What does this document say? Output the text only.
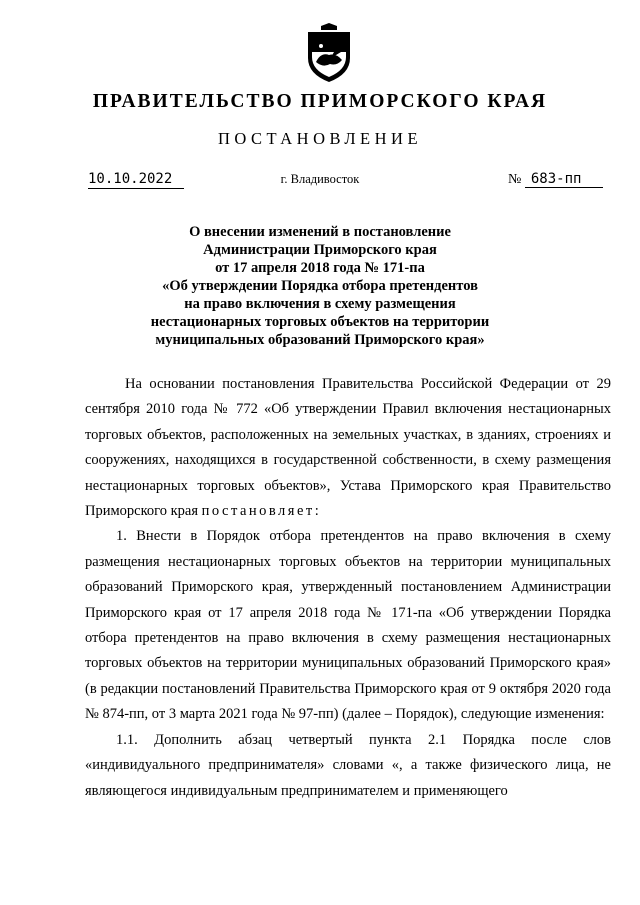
ПРАВИТЕЛЬСТВО ПРИМОРСКОГО КРАЯ
ПОСТАНОВЛЕНИЕ
10.10.2022	г. Владивосток	№ 683-пп
О внесении изменений в постановление
Администрации Приморского края
от 17 апреля 2018 года № 171-па
«Об утверждении Порядка отбора претендентов
на право включения в схему размещения
нестационарных торговых объектов на территории
муниципальных образований Приморского края»

На основании постановления Правительства Российской Федерации от 29 сентября 2010 года № 772 «Об утверждении Правил включения нестационарных торговых объектов, расположенных на земельных участках, в зданиях, строениях и сооружениях, находящихся в государственной собственности, в схему размещения нестационарных торговых объектов», Устава Приморского края Правительство Приморского края постановляет:

1. Внести в Порядок отбора претендентов на право включения в схему размещения нестационарных торговых объектов на территории муниципальных образований Приморского края, утвержденный постановлением Администрации Приморского края от 17 апреля 2018 года № 171-па «Об утверждении Порядка отбора претендентов на право включения в схему размещения нестационарных торговых объектов на территории муниципальных образований Приморского края» (в редакции постановлений Правительства Приморского края от 9 октября 2020 года № 874-пп, от 3 марта 2021 года № 97-пп) (далее – Порядок), следующие изменения:

1.1. Дополнить абзац четвертый пункта 2.1 Порядка после слов «индивидуального предпринимателя» словами «, а также физического лица, не являющегося индивидуальным предпринимателем и применяющего
